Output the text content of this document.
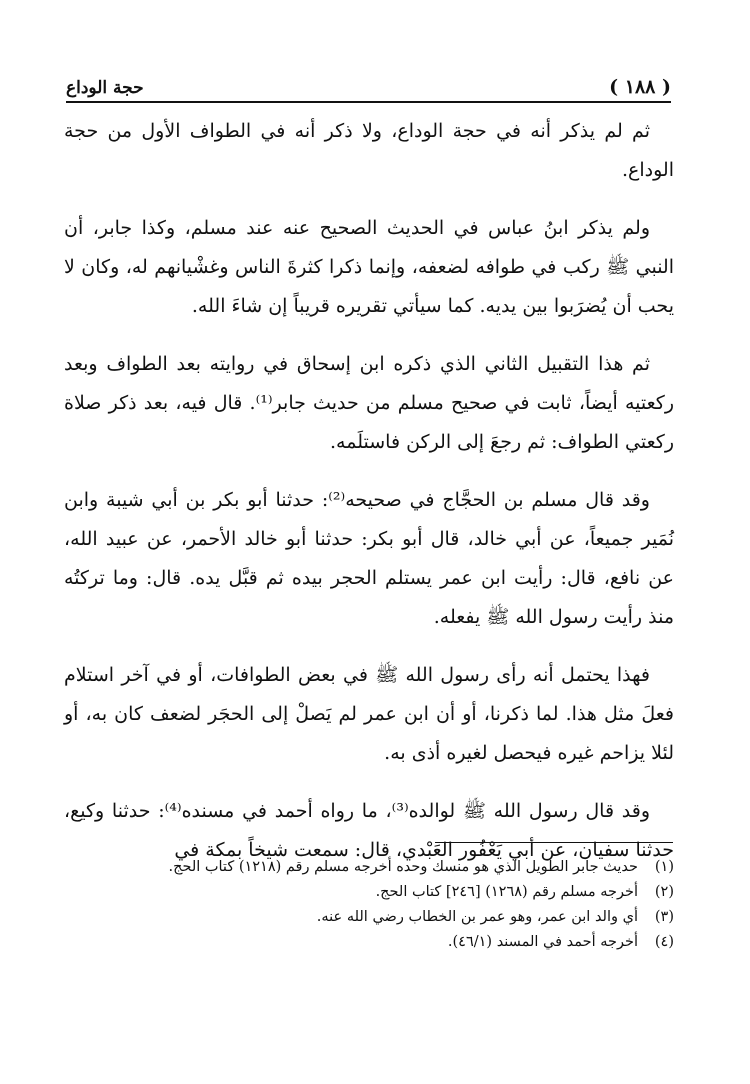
حجة الوداع	( ١٨٨ )

ثم لم يذكر أنه في حجة الوداع، ولا ذكر أنه في الطواف الأول من حجة الوداع.

ولم يذكر ابنُ عباس في الحديث الصحيح عنه عند مسلم، وكذا جابر، أن النبي ﷺ ركب في طوافه لضعفه، وإنما ذكرا كثرةَ الناس وغشْيانهم له، وكان لا يحب أن يُضرَبوا بين يديه. كما سيأتي تقريره قريباً إن شاءَ الله.

ثم هذا التقبيل الثاني الذي ذكره ابن إسحاق في روايته بعد الطواف وبعد ركعتيه أيضاً، ثابت في صحيح مسلم من حديث جابر⁽¹⁾. قال فيه، بعد ذكر صلاة ركعتي الطواف: ثم رجعَ إلى الركن فاستلَمه.

وقد قال مسلم بن الحجَّاج في صحيحه⁽²⁾: حدثنا أبو بكر بن أبي شيبة وابن نُمَير جميعاً، عن أبي خالد، قال أبو بكر: حدثنا أبو خالد الأحمر، عن عبيد الله، عن نافع، قال: رأيت ابن عمر يستلم الحجر بيده ثم قبَّل يده. قال: وما تركتُه منذ رأيت رسول الله ﷺ يفعله.

فهذا يحتمل أنه رأى رسول الله ﷺ في بعض الطوافات، أو في آخر استلام فعلَ مثل هذا. لما ذكرنا، أو أن ابن عمر لم يَصلْ إلى الحجَر لضعف كان به، أو لئلا يزاحم غيره فيحصل لغيره أذى به.

وقد قال رسول الله ﷺ لوالده⁽³⁾، ما رواه أحمد في مسنده⁽⁴⁾: حدثنا وكيع، حدثنا سفيان، عن أبي يَعْفُور العَبْدي، قال: سمعت شيخاً بمكة في

(١)
حديث جابر الطويل الذي هو منسك وحده أخرجه مسلم رقم (١٢١٨) كتاب الحج.
(٢)
أخرجه مسلم رقم (١٢٦٨) [٢٤٦] كتاب الحج.
(٣)
أي والد ابن عمر، وهو عمر بن الخطاب رضي الله عنه.
(٤)
أخرجه أحمد في المسند (٤٦/١).
